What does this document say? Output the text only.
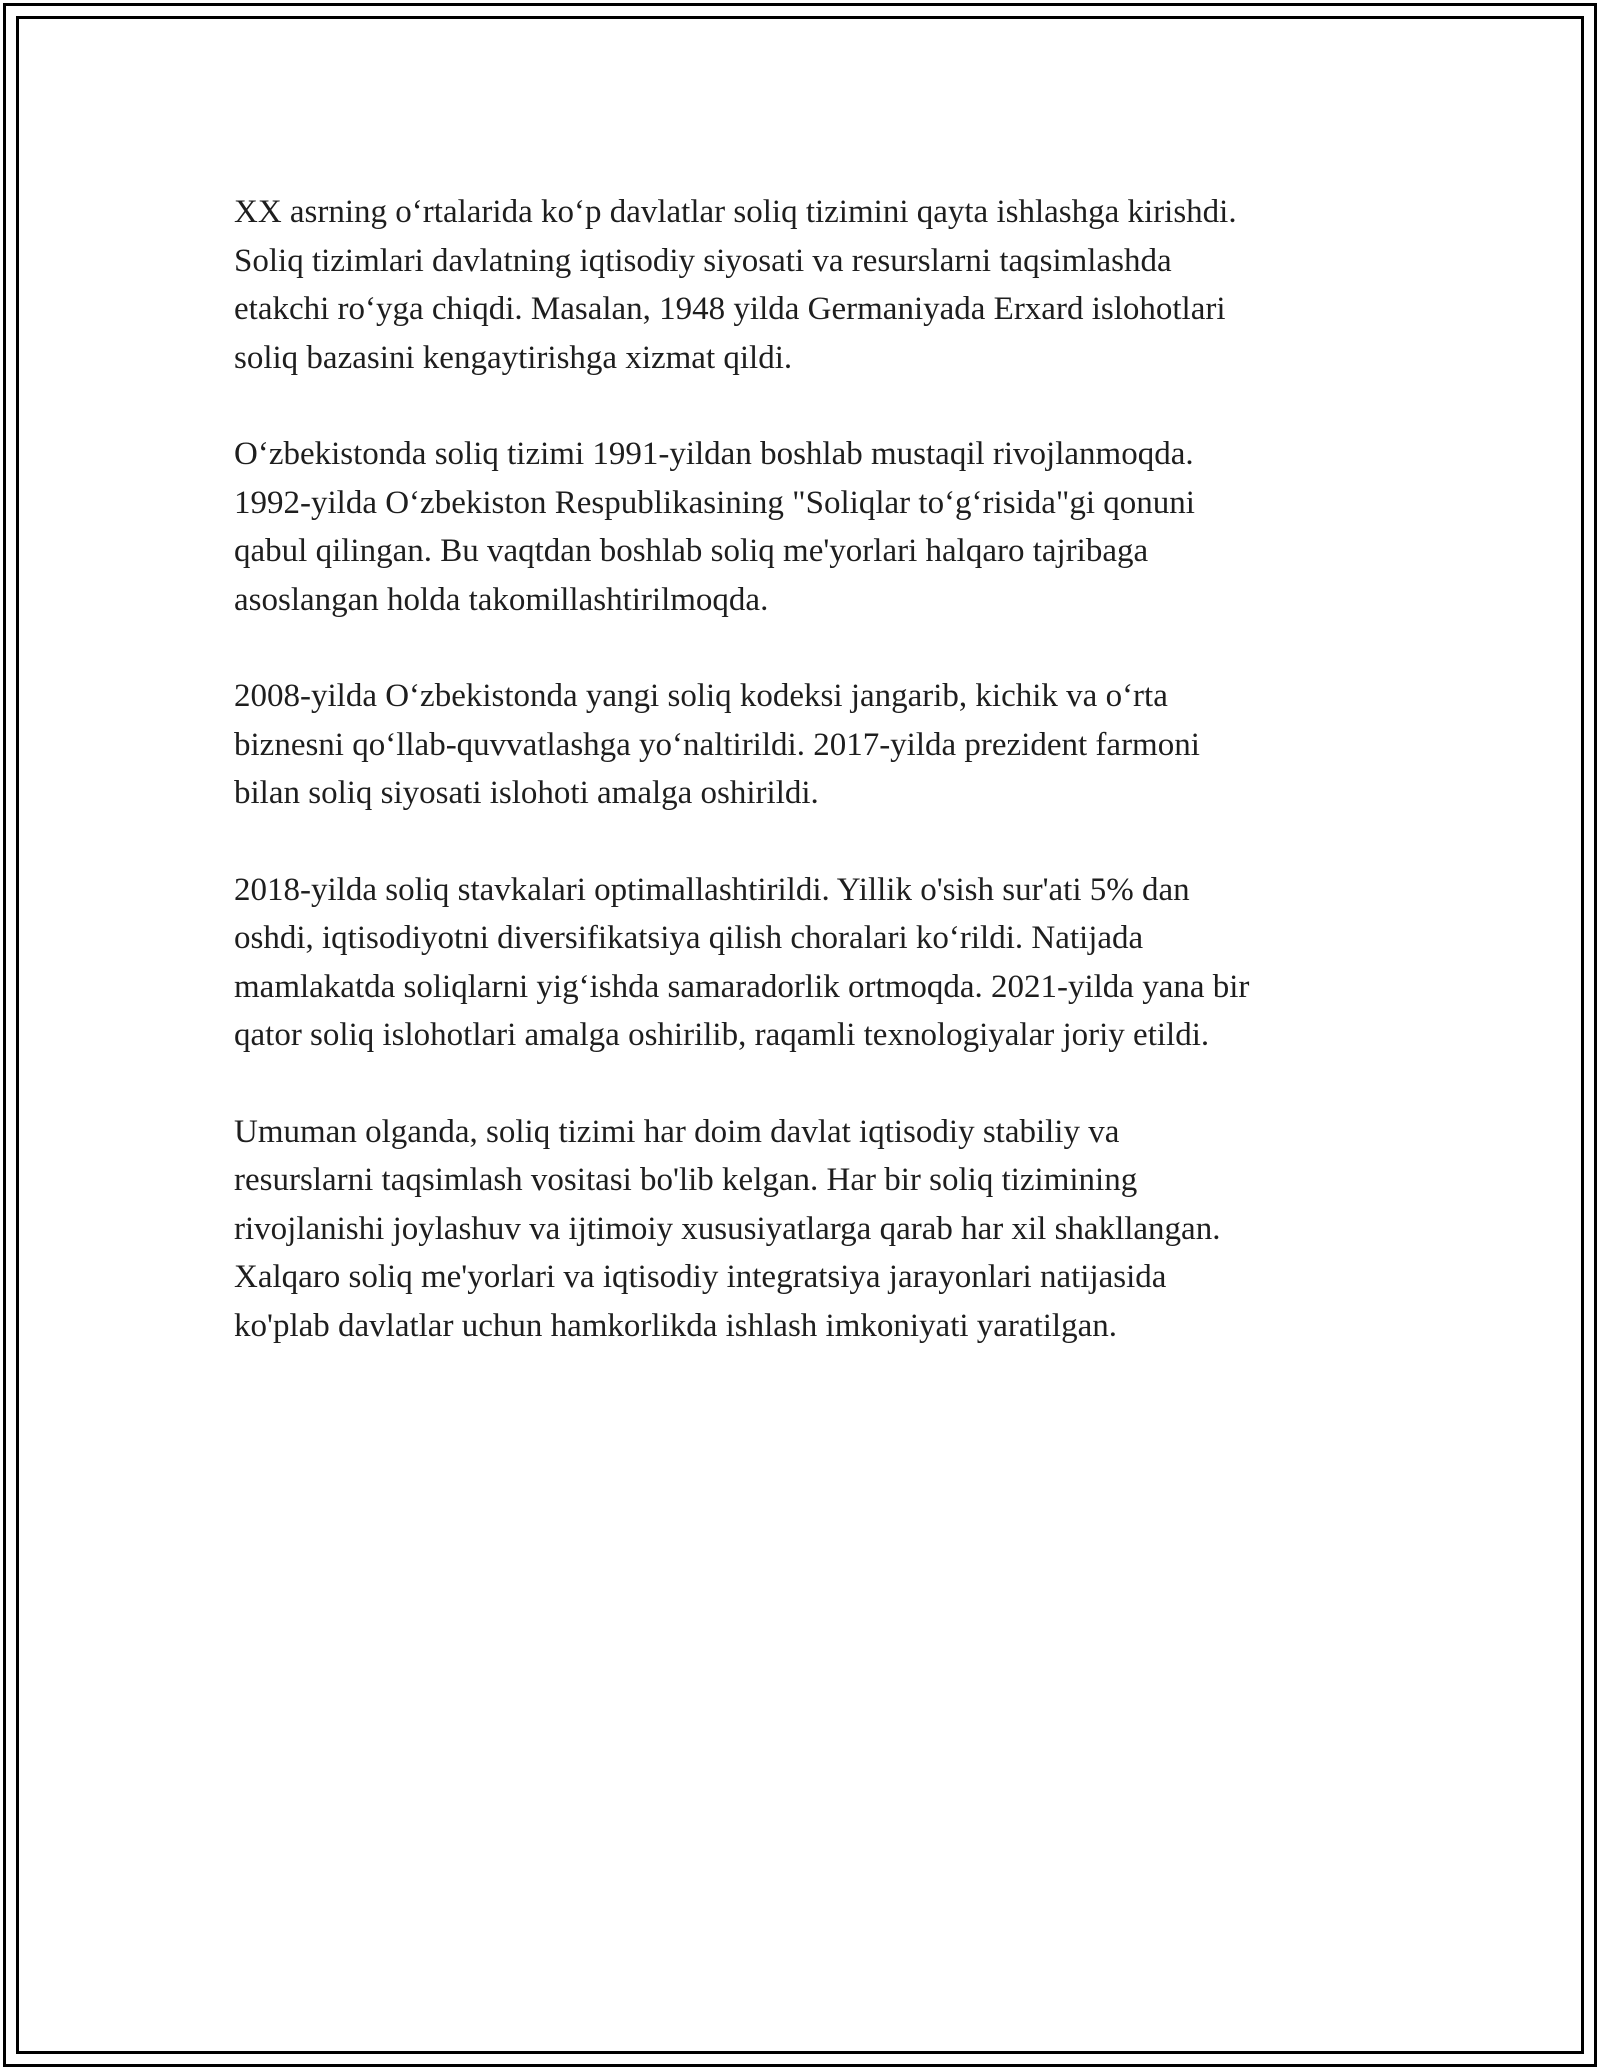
XX asrning o‘rtalarida ko‘p davlatlar soliq tizimini qayta ishlashga kirishdi.
Soliq tizimlari davlatning iqtisodiy siyosati va resurslarni taqsimlashda
etakchi ro‘yga chiqdi. Masalan, 1948 yilda Germaniyada Erxard islohotlari
soliq bazasini kengaytirishga xizmat qildi.

O‘zbekistonda soliq tizimi 1991-yildan boshlab mustaqil rivojlanmoqda.
1992-yilda O‘zbekiston Respublikasining "Soliqlar to‘g‘risida"gi qonuni
qabul qilingan. Bu vaqtdan boshlab soliq me'yorlari halqaro tajribaga
asoslangan holda takomillashtirilmoqda.

2008-yilda O‘zbekistonda yangi soliq kodeksi jangarib, kichik va o‘rta
biznesni qo‘llab-quvvatlashga yo‘naltirildi. 2017-yilda prezident farmoni
bilan soliq siyosati islohoti amalga oshirildi.

2018-yilda soliq stavkalari optimallashtirildi. Yillik o'sish sur'ati 5% dan
oshdi, iqtisodiyotni diversifikatsiya qilish choralari ko‘rildi. Natijada
mamlakatda soliqlarni yig‘ishda samaradorlik ortmoqda. 2021-yilda yana bir
qator soliq islohotlari amalga oshirilib, raqamli texnologiyalar joriy etildi.

Umuman olganda, soliq tizimi har doim davlat iqtisodiy stabiliy va
resurslarni taqsimlash vositasi bo'lib kelgan. Har bir soliq tizimining
rivojlanishi joylashuv va ijtimoiy xususiyatlarga qarab har xil shakllangan.
Xalqaro soliq me'yorlari va iqtisodiy integratsiya jarayonlari natijasida
ko'plab davlatlar uchun hamkorlikda ishlash imkoniyati yaratilgan.
